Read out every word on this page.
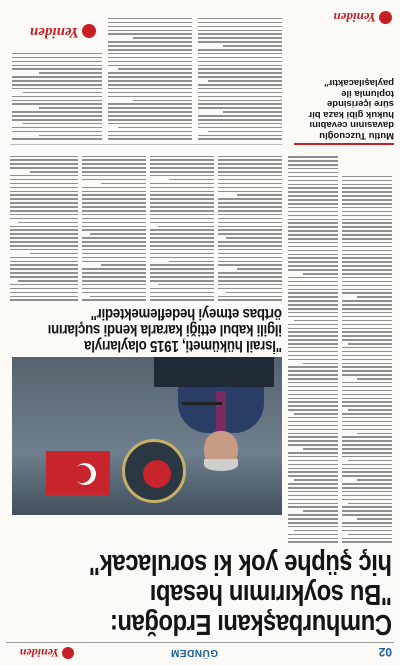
02
GÜNDEM
Yeniden
Cumhurbaşkanı Erdoğan:
"Bu soykırımın hesabı
hiç şüphe yok ki sorulacak"
"İsrail hükümeti, 1915 olaylarıyla
ilgili kabul ettiği kararla kendi suçlarını
örtbas etmeyi hedeflemektedir"
Mutlu Tuzcuoğlu davasının cevabını hukuk gibi kaza bir süre içerisinde toplumla ile paylaşılacaktır"
Yeniden
Yeniden
